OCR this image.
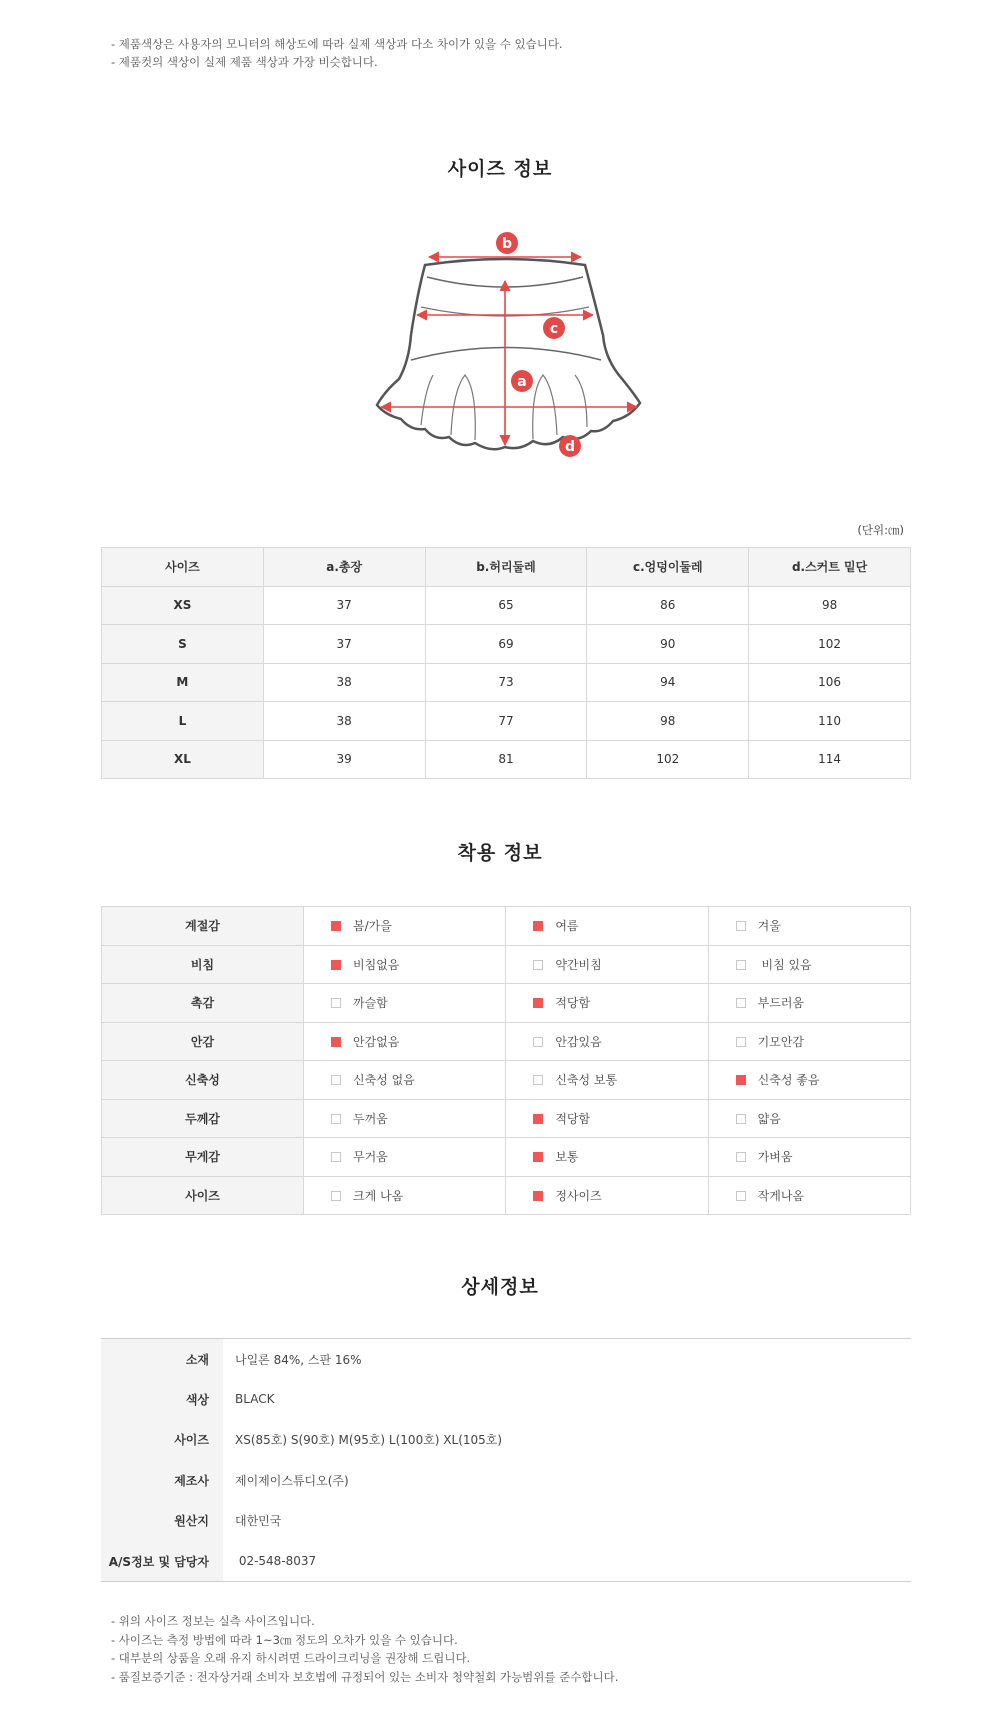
- 제품색상은 사용자의 모니터의 해상도에 따라 실제 색상과 다소 차이가 있을 수 있습니다.
- 제품컷의 색상이 실제 제품 색상과 가장 비슷합니다.
사이즈 정보
b
c
a
d
(단위:㎝)
사이즈	a.총장	b.허리둘레	c.엉덩이둘레	d.스커트 밑단
XS	37	65	86	98
S	37	69	90	102
M	38	73	94	106
L	38	77	98	110
XL	39	81	102	114
착용 정보
계절감	봄/가을	여름	겨울
비침	비침없음	약간비침	비침 있음
촉감	까슬함	적당함	부드러움
안감	안감없음	안감있음	기모안감
신축성	신축성 없음	신축성 보통	신축성 좋음
두께감	두꺼움	적당함	얇음
무게감	무거움	보통	가벼움
사이즈	크게 나옴	정사이즈	작게나옴
상세정보
소재	나일론 84%, 스판 16%
색상	BLACK
사이즈	XS(85호) S(90호) M(95호) L(100호) XL(105호)
제조사	제이제이스튜디오(주)
원산지	대한민국
A/S정보 및 담당자	02-548-8037
- 위의 사이즈 정보는 실측 사이즈입니다.
- 사이즈는 측정 방법에 따라 1~3㎝ 정도의 오차가 있을 수 있습니다.
- 대부분의 상품을 오래 유지 하시려면 드라이크리닝을 권장해 드립니다.
- 품질보증기준 : 전자상거래 소비자 보호법에 규정되어 있는 소비자 청약철회 가능범위를 준수합니다.
